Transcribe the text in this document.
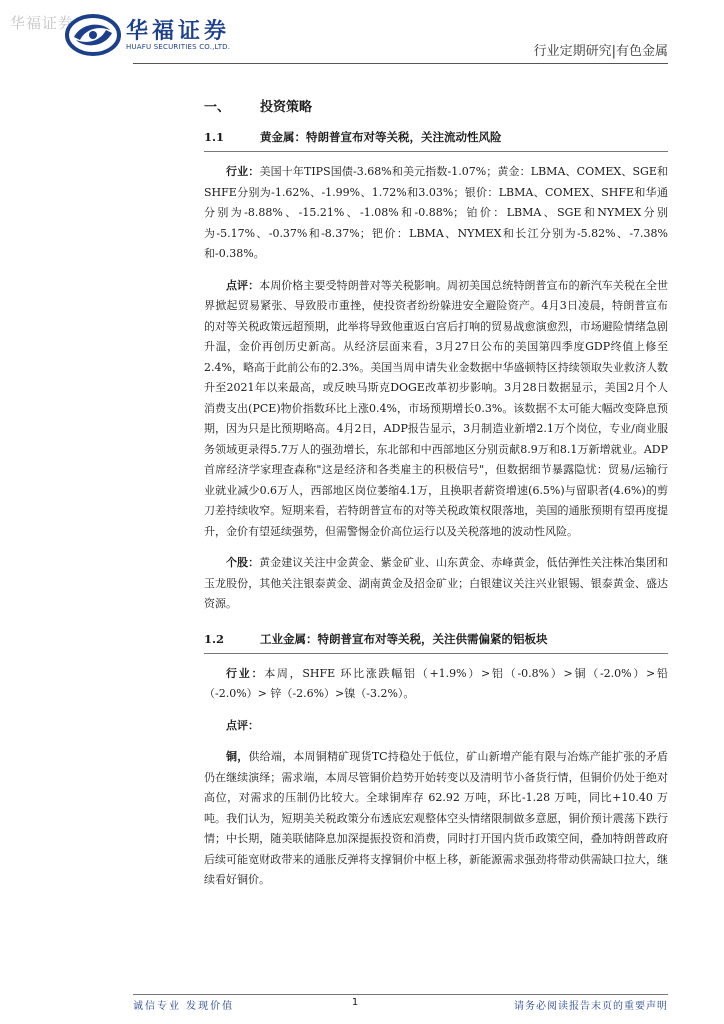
华福证券 华福证券
HUAFU SECURITIES CO.,LTD.	行业定期研究|有色金属
一、 投资策略
1.1	黄金属：特朗普宣布对等关税，关注流动性风险

行业：美国十年TIPS国债-3.68%和美元指数-1.07%；黄金：LBMA、COMEX、SGE和SHFE分别为-1.62%、-1.99%、1.72%和3.03%；银价：LBMA、COMEX、SHFE和华通分别为-8.88%、-15.21%、-1.08%和-0.88%；铂价：LBMA、SGE和NYMEX分别为-5.17%、-0.37%和-8.37%；钯价：LBMA、NYMEX和长江分别为-5.82%、-7.38%和-0.38%。

点评：本周价格主要受特朗普对等关税影响。周初美国总统特朗普宣布的新汽车关税在全世界掀起贸易紧张、导致股市重挫，使投资者纷纷躲进安全避险资产。4月3日凌晨，特朗普宣布的对等关税政策远超预期，此举将导致他重返白宫后打响的贸易战愈演愈烈，市场避险情绪急剧升温，金价再创历史新高。从经济层面来看，3月27日公布的美国第四季度GDP终值上修至2.4%，略高于此前公布的2.3%。美国当周申请失业金数据中华盛顿特区持续领取失业救济人数升至2021年以来最高，或反映马斯克DOGE改革初步影响。3月28日数据显示，美国2月个人消费支出(PCE)物价指数环比上涨0.4%，市场预期增长0.3%。该数据不太可能大幅改变降息预期，因为只是比预期略高。4月2日，ADP报告显示，3月制造业新增2.1万个岗位，专业/商业服务领域更录得5.7万人的强劲增长，东北部和中西部地区分别贡献8.9万和8.1万新增就业。ADP首席经济学家理查森称"这是经济和各类雇主的积极信号"，但数据细节暴露隐忧：贸易/运输行业就业减少0.6万人，西部地区岗位萎缩4.1万，且换职者薪资增速(6.5%)与留职者(4.6%)的剪刀差持续收窄。短期来看，若特朗普宣布的对等关税政策权限落地，美国的通胀预期有望再度提升，金价有望延续强势，但需警惕金价高位运行以及关税落地的波动性风险。

个股：黄金建议关注中金黄金、紫金矿业、山东黄金、赤峰黄金，低估弹性关注株冶集团和玉龙股份，其他关注银泰黄金、湖南黄金及招金矿业；白银建议关注兴业银锡、银泰黄金、盛达资源。

1.2	工业金属：特朗普宣布对等关税，关注供需偏紧的铝板块

行业：本周，SHFE 环比涨跌幅铝（+1.9%）>铝（-0.8%）>铜（-2.0%）>铅（-2.0%）> 锌（-2.6%）>镍（-3.2%）。

点评：

铜，供给端，本周铜精矿现货TC持稳处于低位，矿山新增产能有限与冶炼产能扩张的矛盾仍在继续演绎；需求端，本周尽管铜价趋势开始转变以及清明节小备货行情，但铜价仍处于绝对高位，对需求的压制仍比较大。全球铜库存 62.92 万吨，环比-1.28 万吨，同比+10.40 万吨。我们认为，短期美关税政策分布透底宏观整体空头情绪限制做多意愿，铜价预计震荡下跌行情；中长期，随美联储降息加深提振投资和消费，同时打开国内货币政策空间，叠加特朗普政府后续可能宽财政带来的通胀反弹将支撑铜价中枢上移，新能源需求强劲将带动供需缺口拉大，继续看好铜价。

诚信专业 发现价值	1	请务必阅读报告末页的重要声明
